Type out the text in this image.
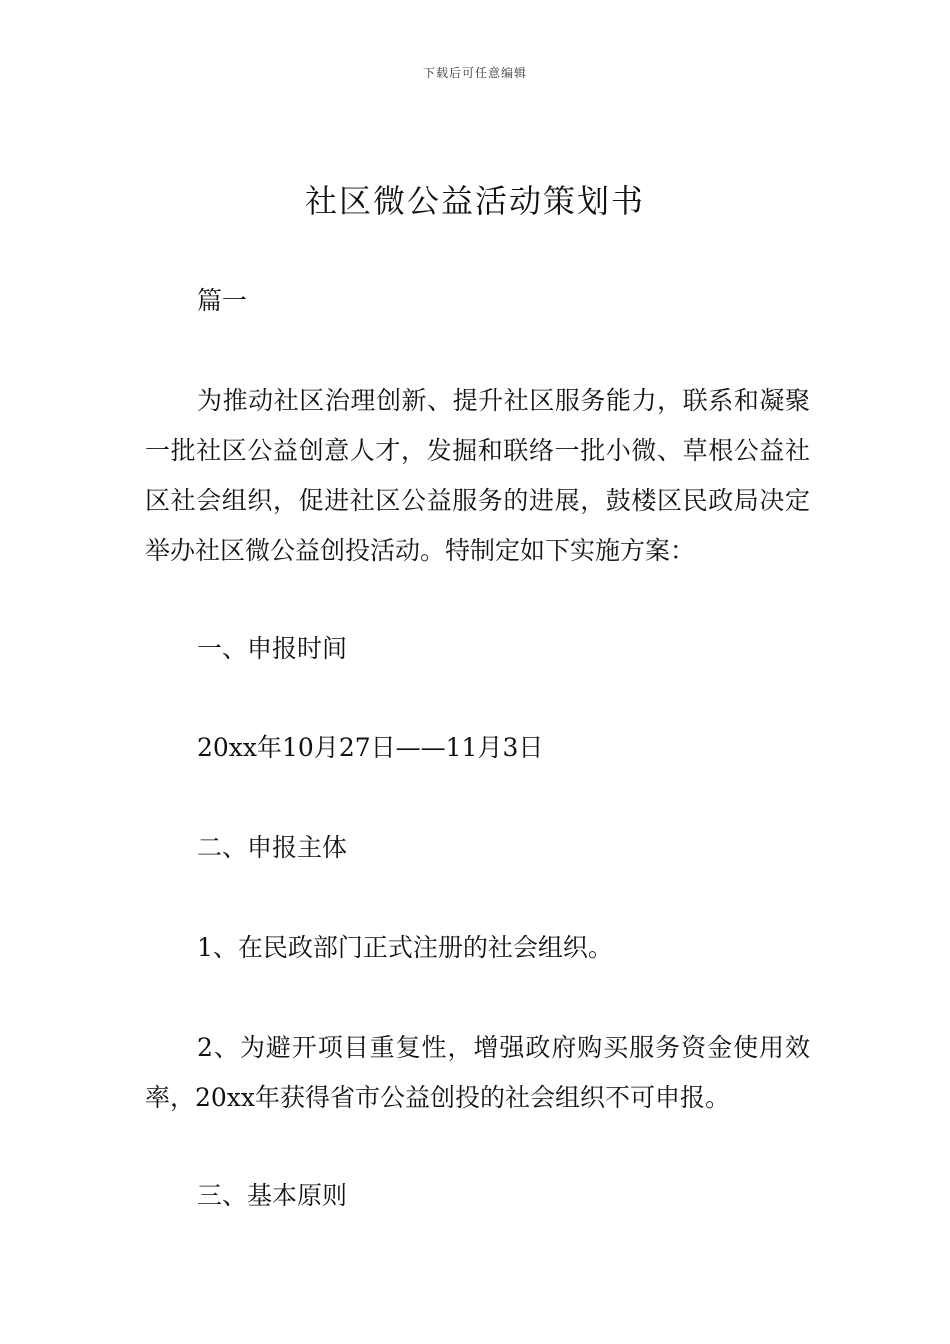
下载后可任意编辑
社区微公益活动策划书
篇一
为推动社区治理创新、提升社区服务能力，联系和凝聚一批社区公益创意人才，发掘和联络一批小微、草根公益社区社会组织，促进社区公益服务的进展，鼓楼区民政局决定举办社区微公益创投活动。特制定如下实施方案：
一、申报时间
20xx年10月27日——11月3日
二、申报主体
1、在民政部门正式注册的社会组织。
2、为避开项目重复性，增强政府购买服务资金使用效率，20xx年获得省市公益创投的社会组织不可申报。
三、基本原则
